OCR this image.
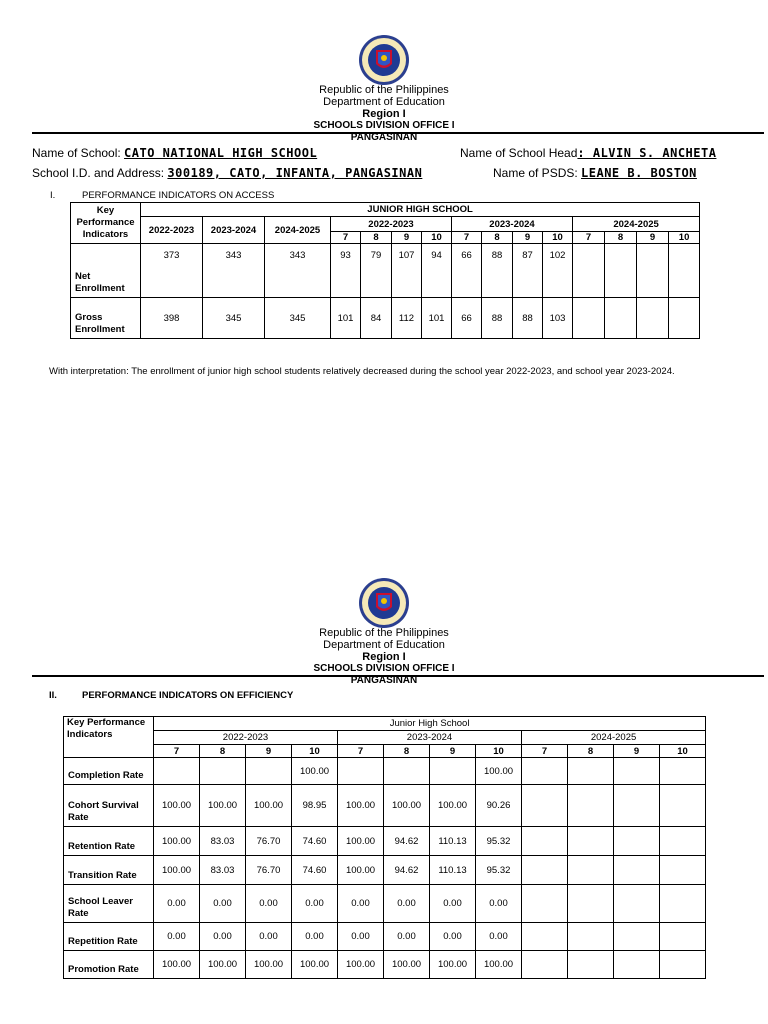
Republic of the Philippines
Department of Education
Region I
SCHOOLS DIVISION OFFICE I PANGASINAN
Name of School: CATO NATIONAL HIGH SCHOOL	Name of School Head: ALVIN S. ANCHETA
School I.D. and Address: 300189, CATO, INFANTA, PANGASINAN	Name of PSDS: LEANE B. BOSTON
I.	PERFORMANCE INDICATORS ON ACCESS
Key Performance Indicators	JUNIOR HIGH SCHOOL														
	2022-2023	2023-2024	2024-2025	2022-2023				2023-2024				2024-2025			
				7	8	9	10	7	8	9	10	7	8	9	10
Net Enrollment	373	343	343	93	79	107	94	66	88	87	102				
Gross Enrollment	398	345	345	101	84	112	101	66	88	88	103				
With interpretation: The enrollment of junior high school students relatively decreased during the school year 2022-2023, and school year 2023-2024.
Republic of the Philippines
Department of Education
Region I
SCHOOLS DIVISION OFFICE I PANGASINAN
II.	PERFORMANCE INDICATORS ON EFFICIENCY
Key Performance Indicators	Junior High School											
	2022-2023				2023-2024				2024-2025			
	7	8	9	10	7	8	9	10	7	8	9	10
Completion Rate				100.00				100.00				
Cohort Survival Rate	100.00	100.00	100.00	98.95	100.00	100.00	100.00	90.26				
Retention Rate	100.00	83.03	76.70	74.60	100.00	94.62	110.13	95.32				
Transition Rate	100.00	83.03	76.70	74.60	100.00	94.62	110.13	95.32				
School Leaver Rate	0.00	0.00	0.00	0.00	0.00	0.00	0.00	0.00				
Repetition Rate	0.00	0.00	0.00	0.00	0.00	0.00	0.00	0.00				
Promotion Rate	100.00	100.00	100.00	100.00	100.00	100.00	100.00	100.00				
